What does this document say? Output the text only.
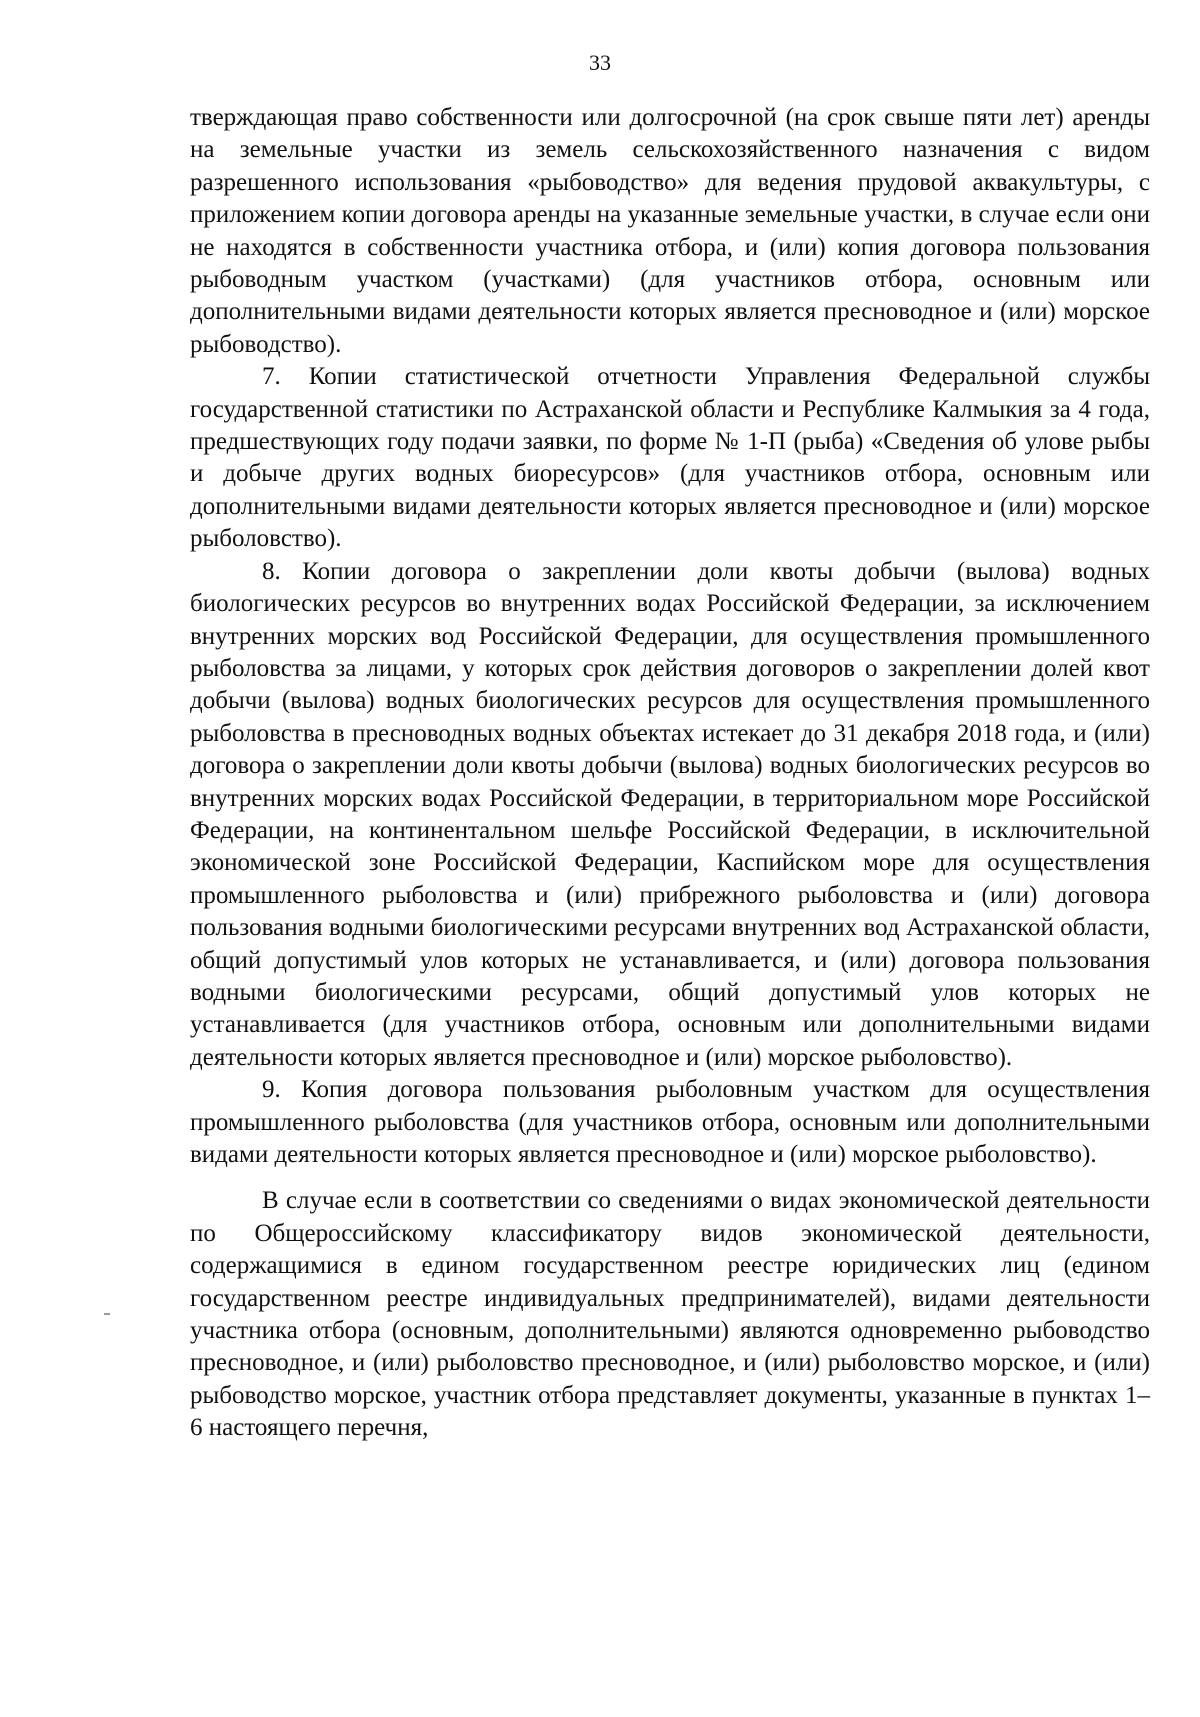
33

тверждающая право собственности или долгосрочной (на срок свыше пяти лет) аренды на земельные участки из земель сельскохозяйственного назначения с видом разрешенного использования «рыбоводство» для ведения прудовой аквакультуры, с приложением копии договора аренды на указанные земельные участки, в случае если они не находятся в собственности участника отбора, и (или) копия договора пользования рыбоводным участком (участками) (для участников отбора, основным или дополнительными видами деятельности которых является пресноводное и (или) морское рыбоводство).

7. Копии статистической отчетности Управления Федеральной службы государственной статистики по Астраханской области и Республике Калмыкия за 4 года, предшествующих году подачи заявки, по форме № 1-П (рыба) «Сведения об улове рыбы и добыче других водных биоресурсов» (для участников отбора, основным или дополнительными видами деятельности которых является пресноводное и (или) морское рыболовство).

8. Копии договора о закреплении доли квоты добычи (вылова) водных биологических ресурсов во внутренних водах Российской Федерации, за исключением внутренних морских вод Российской Федерации, для осуществления промышленного рыболовства за лицами, у которых срок действия договоров о закреплении долей квот добычи (вылова) водных биологических ресурсов для осуществления промышленного рыболовства в пресноводных водных объектах истекает до 31 декабря 2018 года, и (или) договора о закреплении доли квоты добычи (вылова) водных биологических ресурсов во внутренних морских водах Российской Федерации, в территориальном море Российской Федерации, на континентальном шельфе Российской Федерации, в исключительной экономической зоне Российской Федерации, Каспийском море для осуществления промышленного рыболовства и (или) прибрежного рыболовства и (или) договора пользования водными биологическими ресурсами внутренних вод Астраханской области, общий допустимый улов которых не устанавливается, и (или) договора пользования водными биологическими ресурсами, общий допустимый улов которых не устанавливается (для участников отбора, основным или дополнительными видами деятельности которых является пресноводное и (или) морское рыболовство).

9. Копия договора пользования рыболовным участком для осуществления промышленного рыболовства (для участников отбора, основным или дополнительными видами деятельности которых является пресноводное и (или) морское рыболовство).

В случае если в соответствии со сведениями о видах экономической деятельности по Общероссийскому классификатору видов экономической деятельности, содержащимися в едином государственном реестре юридических лиц (едином государственном реестре индивидуальных предпринимателей), видами деятельности участника отбора (основным, дополнительными) являются одновременно рыбоводство пресноводное, и (или) рыболовство пресноводное, и (или) рыболовство морское, и (или) рыбоводство морское, участник отбора представляет документы, указанные в пунктах 1–6 настоящего перечня,
